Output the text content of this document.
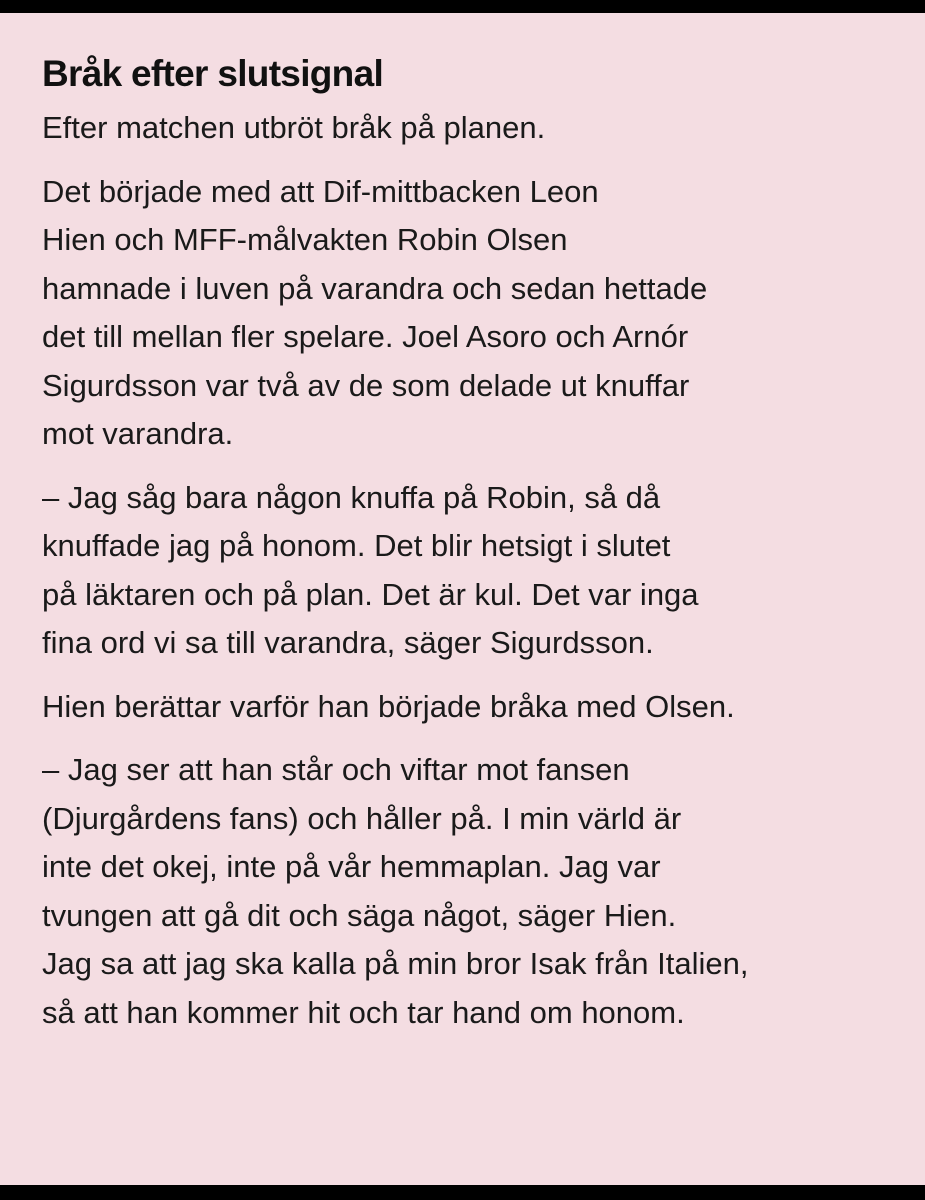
Bråk efter slutsignal

Efter matchen utbröt bråk på planen.

Det började med att Dif-mittbacken Leon
Hien och MFF-målvakten Robin Olsen
hamnade i luven på varandra och sedan hettade
det till mellan fler spelare. Joel Asoro och Arnór
Sigurdsson var två av de som delade ut knuffar
mot varandra.

– Jag såg bara någon knuffa på Robin, så då
knuffade jag på honom. Det blir hetsigt i slutet
på läktaren och på plan. Det är kul. Det var inga
fina ord vi sa till varandra, säger Sigurdsson.

Hien berättar varför han började bråka med Olsen.

– Jag ser att han står och viftar mot fansen
(Djurgårdens fans) och håller på. I min värld är
inte det okej, inte på vår hemmaplan. Jag var
tvungen att gå dit och säga något, säger Hien.
Jag sa att jag ska kalla på min bror Isak från Italien,
så att han kommer hit och tar hand om honom.
